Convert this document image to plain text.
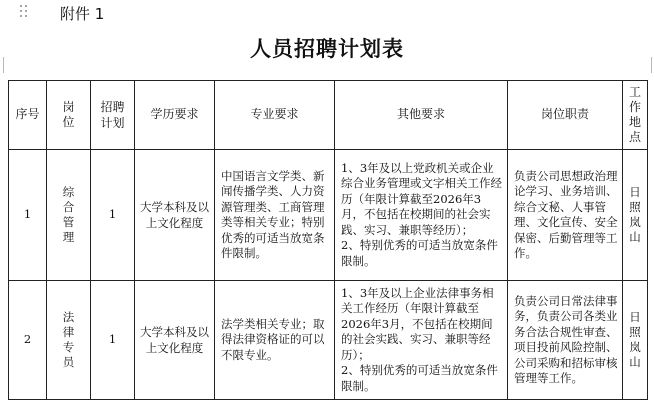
附件 1
人员招聘计划表
序号	岗位	招聘计划	学历要求	专业要求	其他要求	岗位职责	工作地点

1	综合管理	1	大学本科及以上文化程度	中国语言文学类、新闻传播学类、人力资源管理类、工商管理类等相关专业；特别优秀的可适当放宽条件限制。	1、3年及以上党政机关或企业综合业务管理或文字相关工作经历（年限计算截至2026年3月，不包括在校期间的社会实践、实习、兼职等经历）；
2、特别优秀的可适当放宽条件限制。	负责公司思想政治理论学习、业务培训、综合文秘、人事管理、文化宣传、安全保密、后勤管理等工作。	日照岚山

2	法律专员	1	大学本科及以上文化程度	法学类相关专业；取得法律资格证的可以不限专业。	1、3年及以上企业法律事务相关工作经历（年限计算截至2026年3月，不包括在校期间的社会实践、实习、兼职等经历）；
2、特别优秀的可适当放宽条件限制。	负责公司日常法律事务，负责公司各类业务合法合规性审查、项目投前风险控制、公司采购和招标审核管理等工作。	日照岚山
